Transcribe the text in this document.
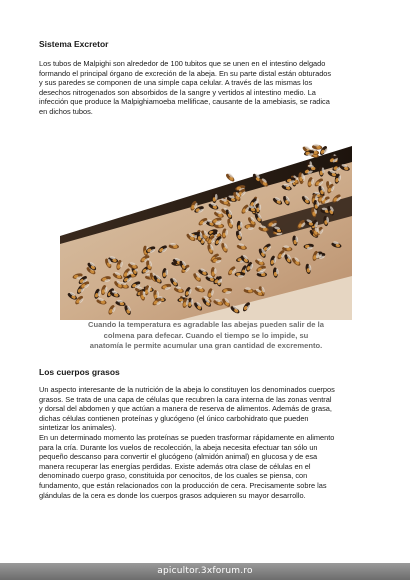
Sistema Excretor

Los tubos de Malpighi son alrededor de 100 tubitos que se unen en el intestino delgado
formando el principal órgano de excreción de la abeja. En su parte distal están obturados
y sus paredes se componen de una simple capa celular. A través de las mismas los
desechos nitrogenados son absorbidos de la sangre y vertidos al intestino medio. La
infección que produce la Malpighiamoeba mellificae, causante de la amebiasis, se radica
en dichos tubos.

Cuando la temperatura es agradable las abejas pueden salir de la
colmena para defecar. Cuando el tiempo se lo impide, su
anatomía le permite acumular una gran cantidad de excremento.

Los cuerpos grasos

Un aspecto interesante de la nutrición de la abeja lo constituyen los denominados cuerpos
grasos. Se trata de una capa de células que recubren la cara interna de las zonas ventral
y dorsal del abdomen y que actúan a manera de reserva de alimentos. Además de grasa,
dichas células contienen proteínas y glucógeno (el único carbohidrato que pueden
sintetizar los animales).
En un determinado momento las proteínas se pueden trasformar rápidamente en alimento
para la cría. Durante los vuelos de recolección, la abeja necesita efectuar tan sólo un
pequeño descanso para convertir el glucógeno (almidón animal) en glucosa y de esa
manera recuperar las energías perdidas. Existe además otra clase de células en el
denominado cuerpo graso, constituida por cenocitos, de los cuales se piensa, con
fundamento, que están relacionados con la producción de cera. Precisamente sobre las
glándulas de la cera es donde los cuerpos grasos adquieren su mayor desarrollo.

apicultor.3xforum.ro
